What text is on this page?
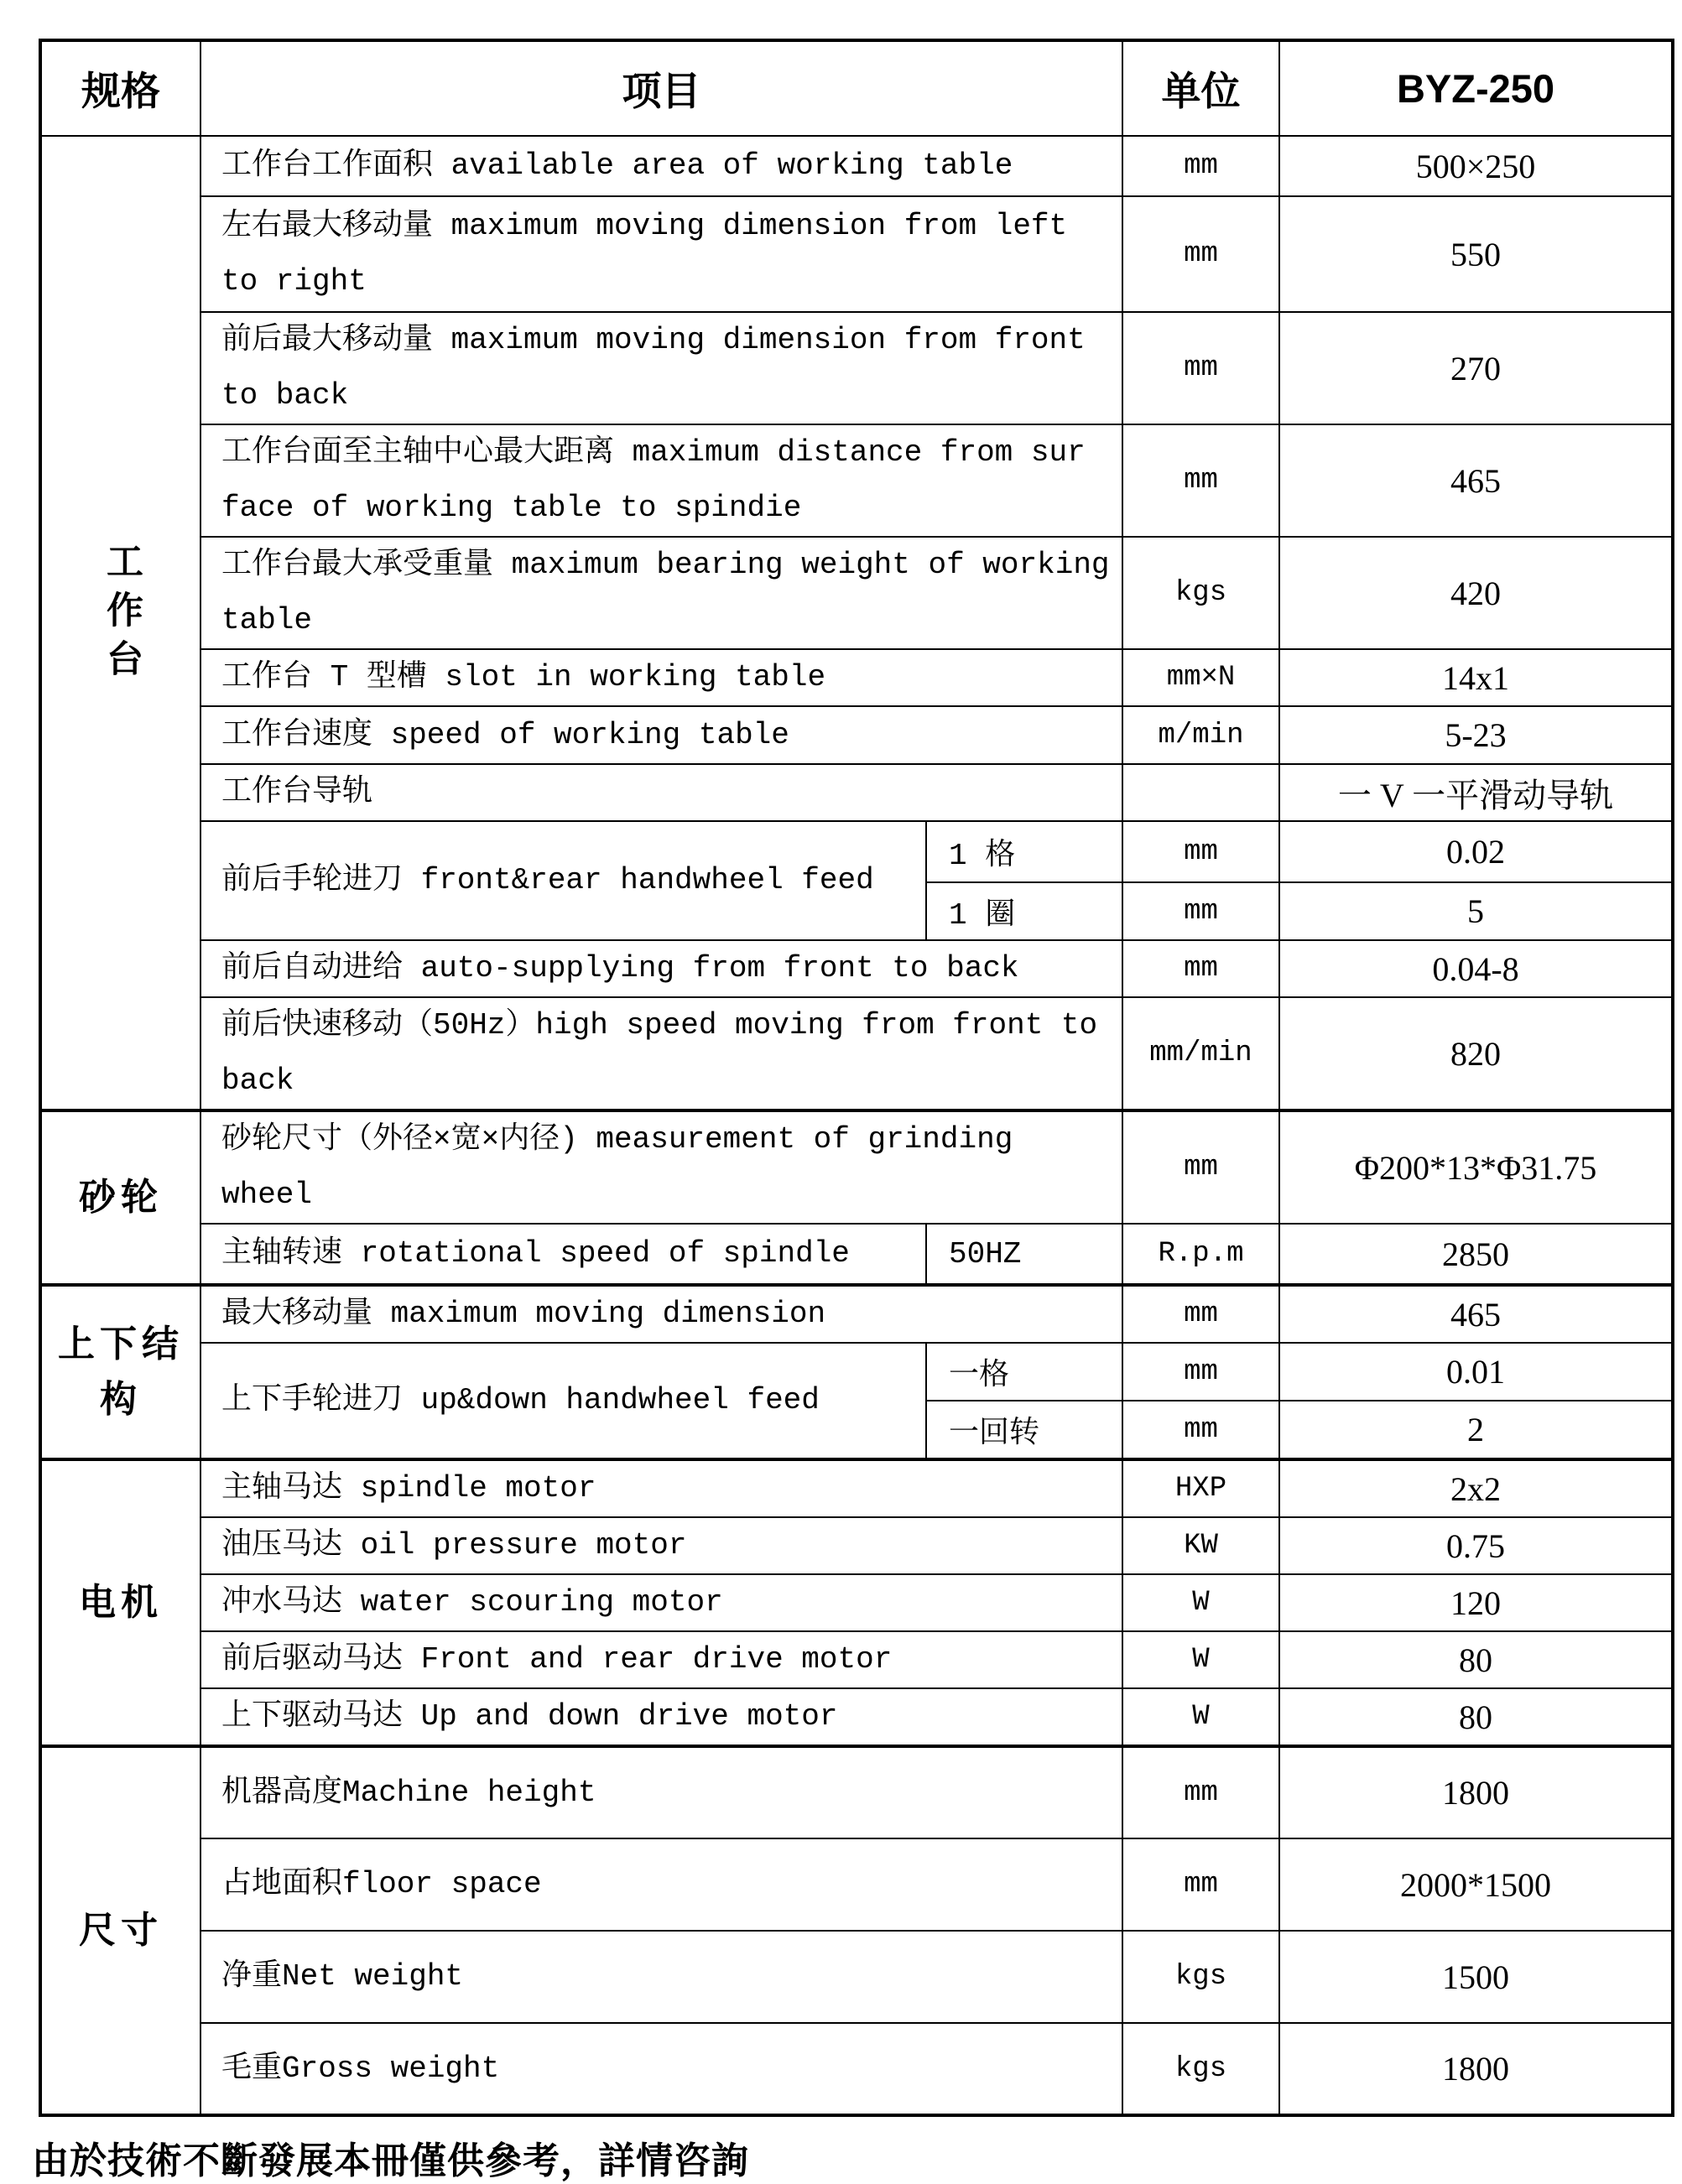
规格	项目		单位	BYZ-250
工作台	工作台工作面积 available area of working table		mm	500×250
	左右最大移动量 maximum moving dimension from left to right		mm	550
	前后最大移动量 maximum moving dimension from front to back		mm	270
	工作台面至主轴中心最大距离 maximum distance from sur face of working table to spindie		mm	465
	工作台最大承受重量 maximum bearing weight of working table		kgs	420
	工作台 T 型槽 slot in working table		mm×N	14x1
	工作台速度 speed of working table		m/min	5-23
	工作台导轨			一 V 一平滑动导轨
	前后手轮进刀 front&rear handwheel feed	1 格	mm	0.02
		1 圈	mm	5
	前后自动进给 auto-supplying from front to back		mm	0.04-8
	前后快速移动（50Hz）high speed moving from front to back		mm/min	820
砂轮	砂轮尺寸（外径×宽×内径) measurement of grinding wheel		mm	Φ200*13*Φ31.75
	主轴转速 rotational speed of spindle	50HZ	R.p.m	2850
上下结构	最大移动量 maximum moving dimension		mm	465
	上下手轮进刀 up&down handwheel feed	一格	mm	0.01
		一回转	mm	2
电机	主轴马达 spindle motor		HXP	2x2
	油压马达 oil pressure motor		KW	0.75
	冲水马达 water scouring motor		W	120
	前后驱动马达 Front and rear drive motor		W	80
	上下驱动马达 Up and down drive motor		W	80
尺寸	机器高度Machine height		mm	1800
	占地面积floor space		mm	2000*1500
	净重Net weight		kgs	1500
	毛重Gross weight		kgs	1800
由於技術不斷發展本冊僅供參考，詳情咨詢
